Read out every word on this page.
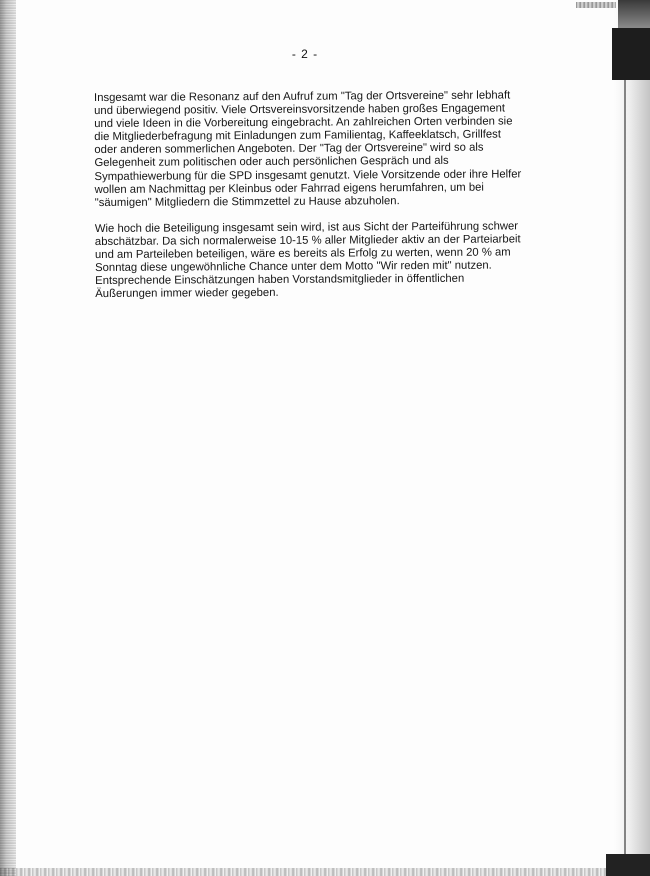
- 2 -

Insgesamt war die Resonanz auf den Aufruf zum "Tag der Ortsvereine" sehr lebhaft
und überwiegend positiv. Viele Ortsvereinsvorsitzende haben großes Engagement
und viele Ideen in die Vorbereitung eingebracht. An zahlreichen Orten verbinden sie
die Mitgliederbefragung mit Einladungen zum Familientag, Kaffeeklatsch, Grillfest
oder anderen sommerlichen Angeboten. Der "Tag der Ortsvereine" wird so als
Gelegenheit zum politischen oder auch persönlichen Gespräch und als
Sympathiewerbung für die SPD insgesamt genutzt. Viele Vorsitzende oder ihre Helfer
wollen am Nachmittag per Kleinbus oder Fahrrad eigens herumfahren, um bei
"säumigen" Mitgliedern die Stimmzettel zu Hause abzuholen.

Wie hoch die Beteiligung insgesamt sein wird, ist aus Sicht der Parteiführung schwer
abschätzbar. Da sich normalerweise 10-15 % aller Mitglieder aktiv an der Parteiarbeit
und am Parteileben beteiligen, wäre es bereits als Erfolg zu werten, wenn 20 % am
Sonntag diese ungewöhnliche Chance unter dem Motto "Wir reden mit" nutzen.
Entsprechende Einschätzungen haben Vorstandsmitglieder in öffentlichen
Äußerungen immer wieder gegeben.
